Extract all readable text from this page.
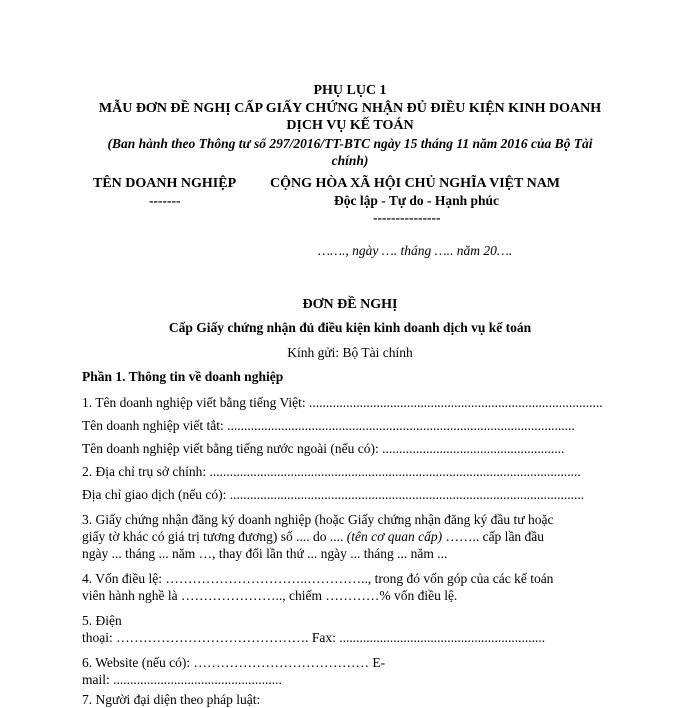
PHỤ LỤC 1
MẪU ĐƠN ĐỀ NGHỊ CẤP GIẤY CHỨNG NHẬN ĐỦ ĐIỀU KIỆN KINH DOANH
DỊCH VỤ KẾ TOÁN
(Ban hành theo Thông tư số 297/2016/TT-BTC ngày 15 tháng 11 năm 2016 của Bộ Tài
chính)
TÊN DOANH NGHIỆP
-------
CỘNG HÒA XÃ HỘI CHỦ NGHĨA VIỆT NAM
Độc lập - Tự do - Hạnh phúc
---------------
……., ngày …. tháng ….. năm 20….
ĐƠN ĐỀ NGHỊ
Cấp Giấy chứng nhận đủ điều kiện kinh doanh dịch vụ kế toán
Kính gửi: Bộ Tài chính
Phần 1. Thông tin về doanh nghiệp
1. Tên doanh nghiệp viết bằng tiếng Việt: .......................................................................................
Tên doanh nghiệp viết tắt: .......................................................................................................
Tên doanh nghiệp viết bằng tiếng nước ngoài (nếu có): ......................................................
2. Địa chỉ trụ sở chính: ..............................................................................................................
Địa chỉ giao dịch (nếu có): .........................................................................................................
3. Giấy chứng nhận đăng ký doanh nghiệp (hoặc Giấy chứng nhận đăng ký đầu tư hoặc
giấy tờ khác có giá trị tương đương) số .... do .... (tên cơ quan cấp) …….. cấp lần đầu
ngày ... tháng ... năm …, thay đổi lần thứ ... ngày ... tháng ... năm ...
4. Vốn điều lệ: …………………………..………….., trong đó vốn góp của các kế toán
viên hành nghề là ………………….., chiếm …………% vốn điều lệ.
5. Điện
thoại: ……………………………………. Fax: .............................................................
6. Website (nếu có): ………………………………… E-
mail: ..................................................
7. Người đại diện theo pháp luật:
